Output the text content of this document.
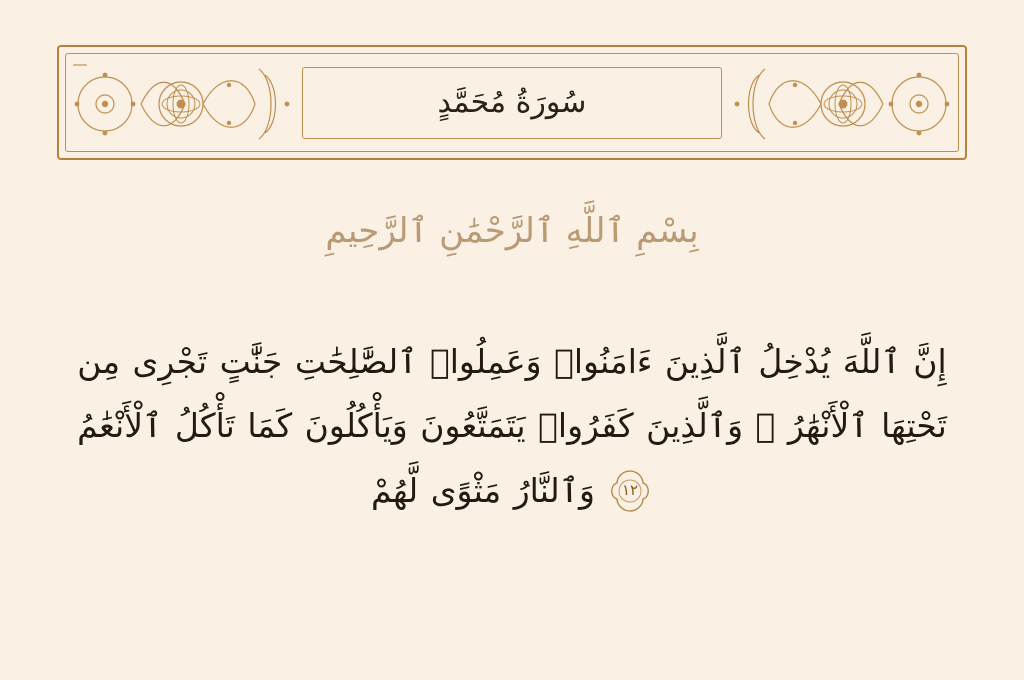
سُورَةُ مُحَمَّدٍ
بِسْمِ ٱللَّهِ ٱلرَّحْمَٰنِ ٱلرَّحِيمِ
إِنَّ ٱللَّهَ يُدْخِلُ ٱلَّذِينَ ءَامَنُوا۟ وَعَمِلُوا۟ ٱلصَّٰلِحَٰتِ جَنَّٰتٍ تَجْرِى مِن
تَحْتِهَا ٱلْأَنْهَٰرُ ۖ وَٱلَّذِينَ كَفَرُوا۟ يَتَمَتَّعُونَ وَيَأْكُلُونَ كَمَا تَأْكُلُ ٱلْأَنْعَٰمُ
١٢
وَٱلنَّارُ مَثْوًى لَّهُمْ
